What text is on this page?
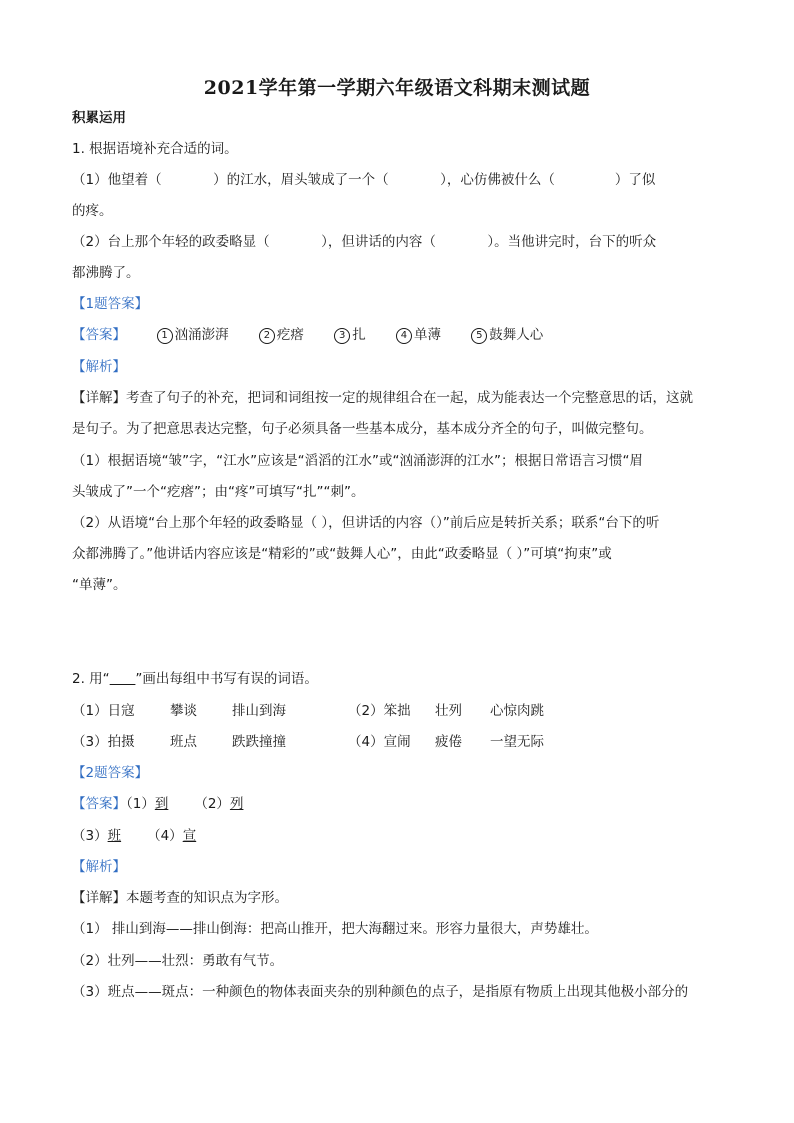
2021学年第一学期六年级语文科期末测试题
积累运用
1. 根据语境补充合适的词。
（1）他望着（	）的江水，眉头皱成了一个（	），心仿佛被什么（	）了似
的疼。
（2）台上那个年轻的政委略显（	），但讲话的内容（	）。当他讲完时，台下的听众
都沸腾了。
【1题答案】
【答案】	1 汹涌澎湃	2 疙瘩	3 扎	4 单薄	5 鼓舞人心
【解析】
【详解】考查了句子的补充，把词和词组按一定的规律组合在一起，成为能表达一个完整意思的话，这就
是句子。为了把意思表达完整，句子必须具备一些基本成分，基本成分齐全的句子，叫做完整句。
（1）根据语境“皱”字，“江水”应该是“滔滔的江水”或“汹涌澎湃的江水”；根据日常语言习惯“眉
头皱成了”一个“疙瘩”；由“疼”可填写“扎”“刺”。
（2）从语境“台上那个年轻的政委略显（ ），但讲话的内容（）”前后应是转折关系；联系“台下的听
众都沸腾了。”他讲话内容应该是“精彩的”或“鼓舞人心”，由此“政委略显（ ）”可填“拘束”或
“单薄”。
2. 用“ ”画出每组中书写有误的词语。
（1）日寇	攀谈	排山到海	（2）笨拙 壮列 心惊肉跳
（3）拍摄	班点	跌跌撞撞	（4）宣闹 疲倦 一望无际
【2题答案】
【答案】（1）到 （2）列
（3）班 （4）宣
【解析】
【详解】本题考查的知识点为字形。
（1） 排山到海——排山倒海：把高山推开，把大海翻过来。形容力量很大，声势雄壮。
（2）壮列——壮烈：勇敢有气节。
（3）班点——斑点：一种颜色的物体表面夹杂的别种颜色的点子，是指原有物质上出现其他极小部分的
